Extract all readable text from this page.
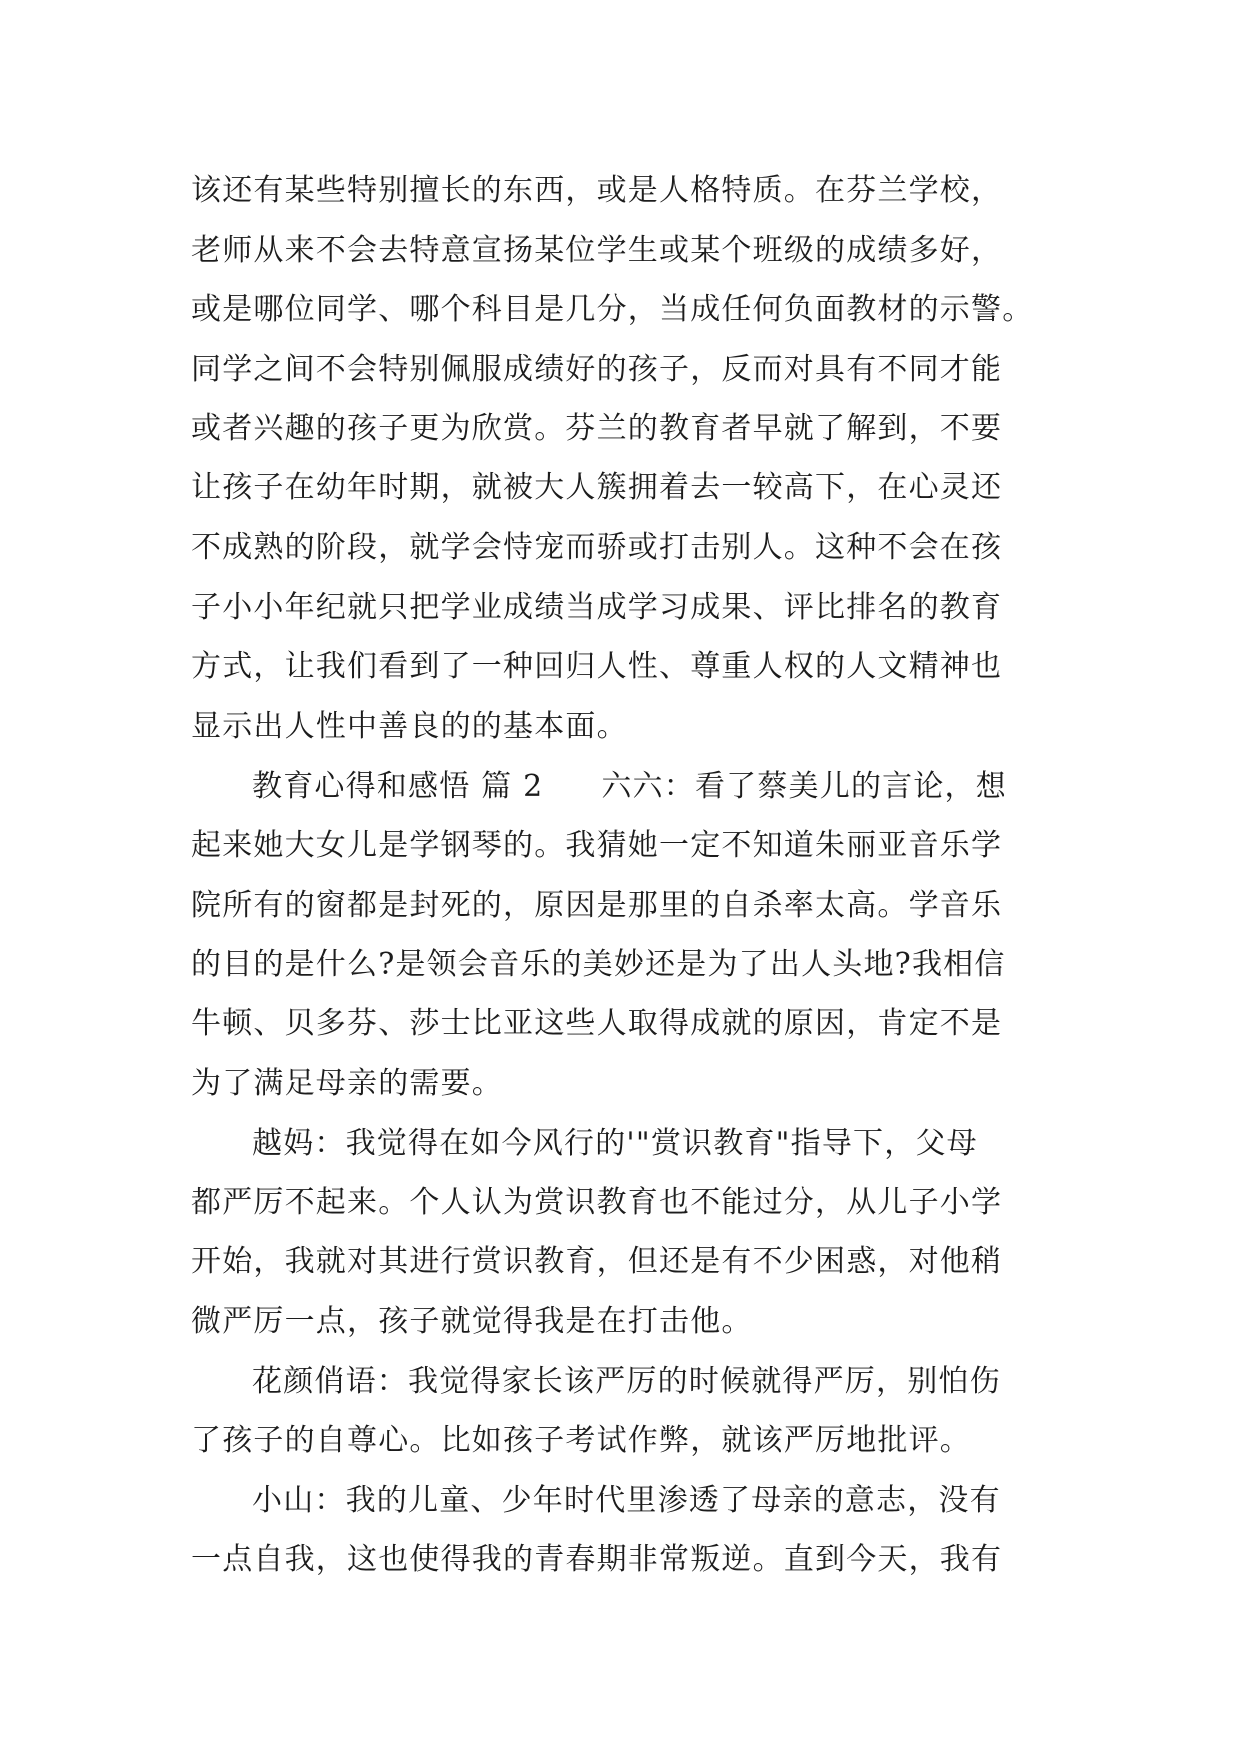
该还有某些特别擅长的东西，或是人格特质。在芬兰学校，
老师从来不会去特意宣扬某位学生或某个班级的成绩多好，
或是哪位同学、哪个科目是几分，当成任何负面教材的示警。
同学之间不会特别佩服成绩好的孩子，反而对具有不同才能
或者兴趣的孩子更为欣赏。芬兰的教育者早就了解到，不要
让孩子在幼年时期，就被大人簇拥着去一较高下，在心灵还
不成熟的阶段，就学会恃宠而骄或打击别人。这种不会在孩
子小小年纪就只把学业成绩当成学习成果、评比排名的教育
方式，让我们看到了一种回归人性、尊重人权的人文精神也
显示出人性中善良的的基本面。
教育心得和感悟 篇 2 六六：看了蔡美儿的言论，想
起来她大女儿是学钢琴的。我猜她一定不知道朱丽亚音乐学
院所有的窗都是封死的，原因是那里的自杀率太高。学音乐
的目的是什么?是领会音乐的美妙还是为了出人头地?我相信
牛顿、贝多芬、莎士比亚这些人取得成就的原因，肯定不是
为了满足母亲的需要。
越妈：我觉得在如今风行的'"赏识教育"指导下，父母
都严厉不起来。个人认为赏识教育也不能过分，从儿子小学
开始，我就对其进行赏识教育，但还是有不少困惑，对他稍
微严厉一点，孩子就觉得我是在打击他。
花颜俏语：我觉得家长该严厉的时候就得严厉，别怕伤
了孩子的自尊心。比如孩子考试作弊，就该严厉地批评。
小山：我的儿童、少年时代里渗透了母亲的意志，没有
一点自我，这也使得我的青春期非常叛逆。直到今天，我有
